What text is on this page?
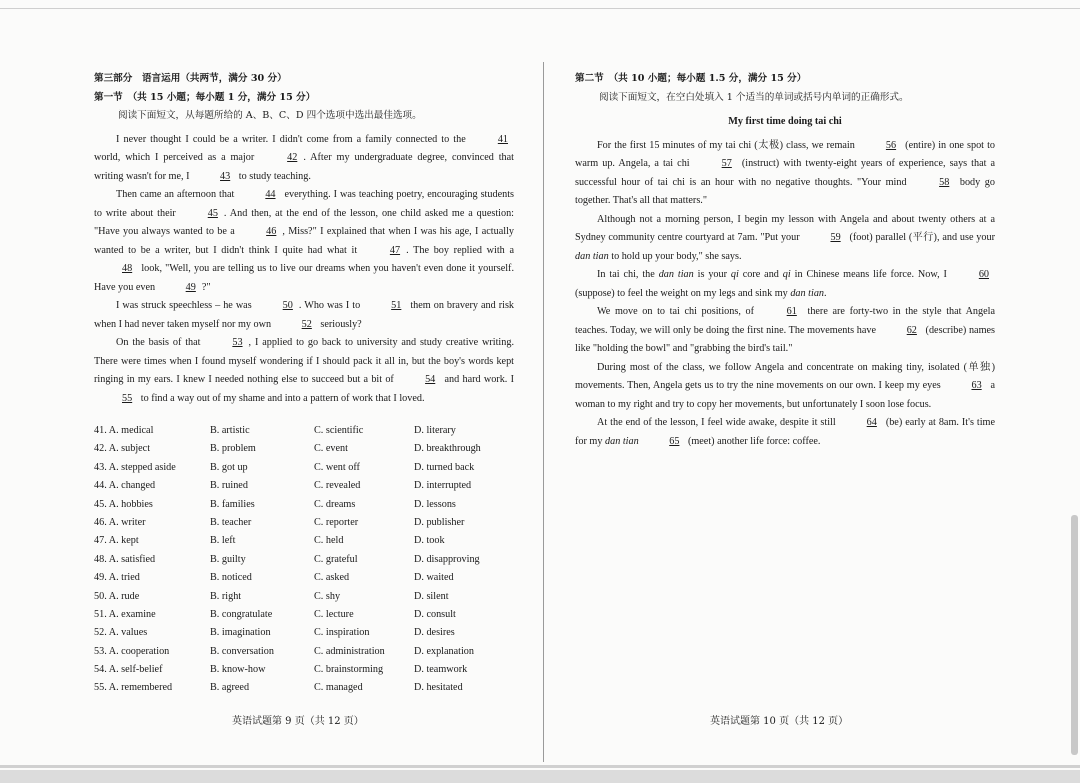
第三部分　语言运用（共两节，满分 30 分）
第一节　（共 15 小题；每小题 1 分，满分 15 分）
阅读下面短文，从每题所给的 A、B、C、D 四个选项中选出最佳选项。

I never thought I could be a writer. I didn't come from a family connected to the	41 world, which I perceived as a major	42 . After my undergraduate degree, convinced that writing wasn't for me, I	43 to study teaching.

Then came an afternoon that	44 everything. I was teaching poetry, encouraging students to write about their	45 . And then, at the end of the lesson, one child asked me a question: "Have you always wanted to be a	46 , Miss?" I explained that when I was his age, I actually wanted to be a writer, but I didn't think I quite had what it	47 . The boy replied with a 48 look, "Well, you are telling us to live our dreams when you haven't even done it yourself. Have you even	49 ?"

I was struck speechless – he was	50 . Who was I to	51 them on bravery and risk when I had never taken myself nor my own	52 seriously?

On the basis of that	53 , I applied to go back to university and study creative writing. There were times when I found myself wondering if I should pack it all in, but the boy's words kept ringing in my ears. I knew I needed nothing else to succeed but a bit of	54 and hard work. I 55 to find a way out of my shame and into a pattern of work that I loved.

41. A. medical	B. artistic	C. scientific	D. literary
42. A. subject	B. problem	C. event	D. breakthrough
43. A. stepped aside	B. got up	C. went off	D. turned back
44. A. changed	B. ruined	C. revealed	D. interrupted
45. A. hobbies	B. families	C. dreams	D. lessons
46. A. writer	B. teacher	C. reporter	D. publisher
47. A. kept	B. left	C. held	D. took
48. A. satisfied	B. guilty	C. grateful	D. disapproving
49. A. tried	B. noticed	C. asked	D. waited
50. A. rude	B. right	C. shy	D. silent
51. A. examine	B. congratulate	C. lecture	D. consult
52. A. values	B. imagination	C. inspiration	D. desires
53. A. cooperation	B. conversation	C. administration	D. explanation
54. A. self-belief	B. know-how	C. brainstorming	D. teamwork
55. A. remembered	B. agreed	C. managed	D. hesitated
英语试题第 9 页（共 12 页）
第二节　（共 10 小题；每小题 1.5 分，满分 15 分）
阅读下面短文，在空白处填入 1 个适当的单词或括号内单词的正确形式。
My first time doing tai chi

For the first 15 minutes of my tai chi (太极) class, we remain	56 (entire) in one spot to warm up. Angela, a tai chi	57 (instruct) with twenty-eight years of experience, says that a successful hour of tai chi is an hour with no negative thoughts. "Your mind	58 body go together. That's all that matters."

Although not a morning person, I begin my lesson with Angela and about twenty others at a Sydney community centre courtyard at 7am. "Put your	59 (foot) parallel (平行), and use your dan tian to hold up your body," she says.

In tai chi, the dan tian is your qi core and qi in Chinese means life force. Now, I	60 (suppose) to feel the weight on my legs and sink my dan tian.

We move on to tai chi positions, of	61 there are forty-two in the style that Angela teaches. Today, we will only be doing the first nine. The movements have	62 (describe) names like "holding the bowl" and "grabbing the bird's tail."

During most of the class, we follow Angela and concentrate on making tiny, isolated (单独) movements. Then, Angela gets us to try the nine movements on our own. I keep my eyes	63 a woman to my right and try to copy her movements, but unfortunately I soon lose focus.

At the end of the lesson, I feel wide awake, despite it still	64 (be) early at 8am. It's time for my dan tian	65 (meet) another life force: coffee.

英语试题第 10 页（共 12 页）
